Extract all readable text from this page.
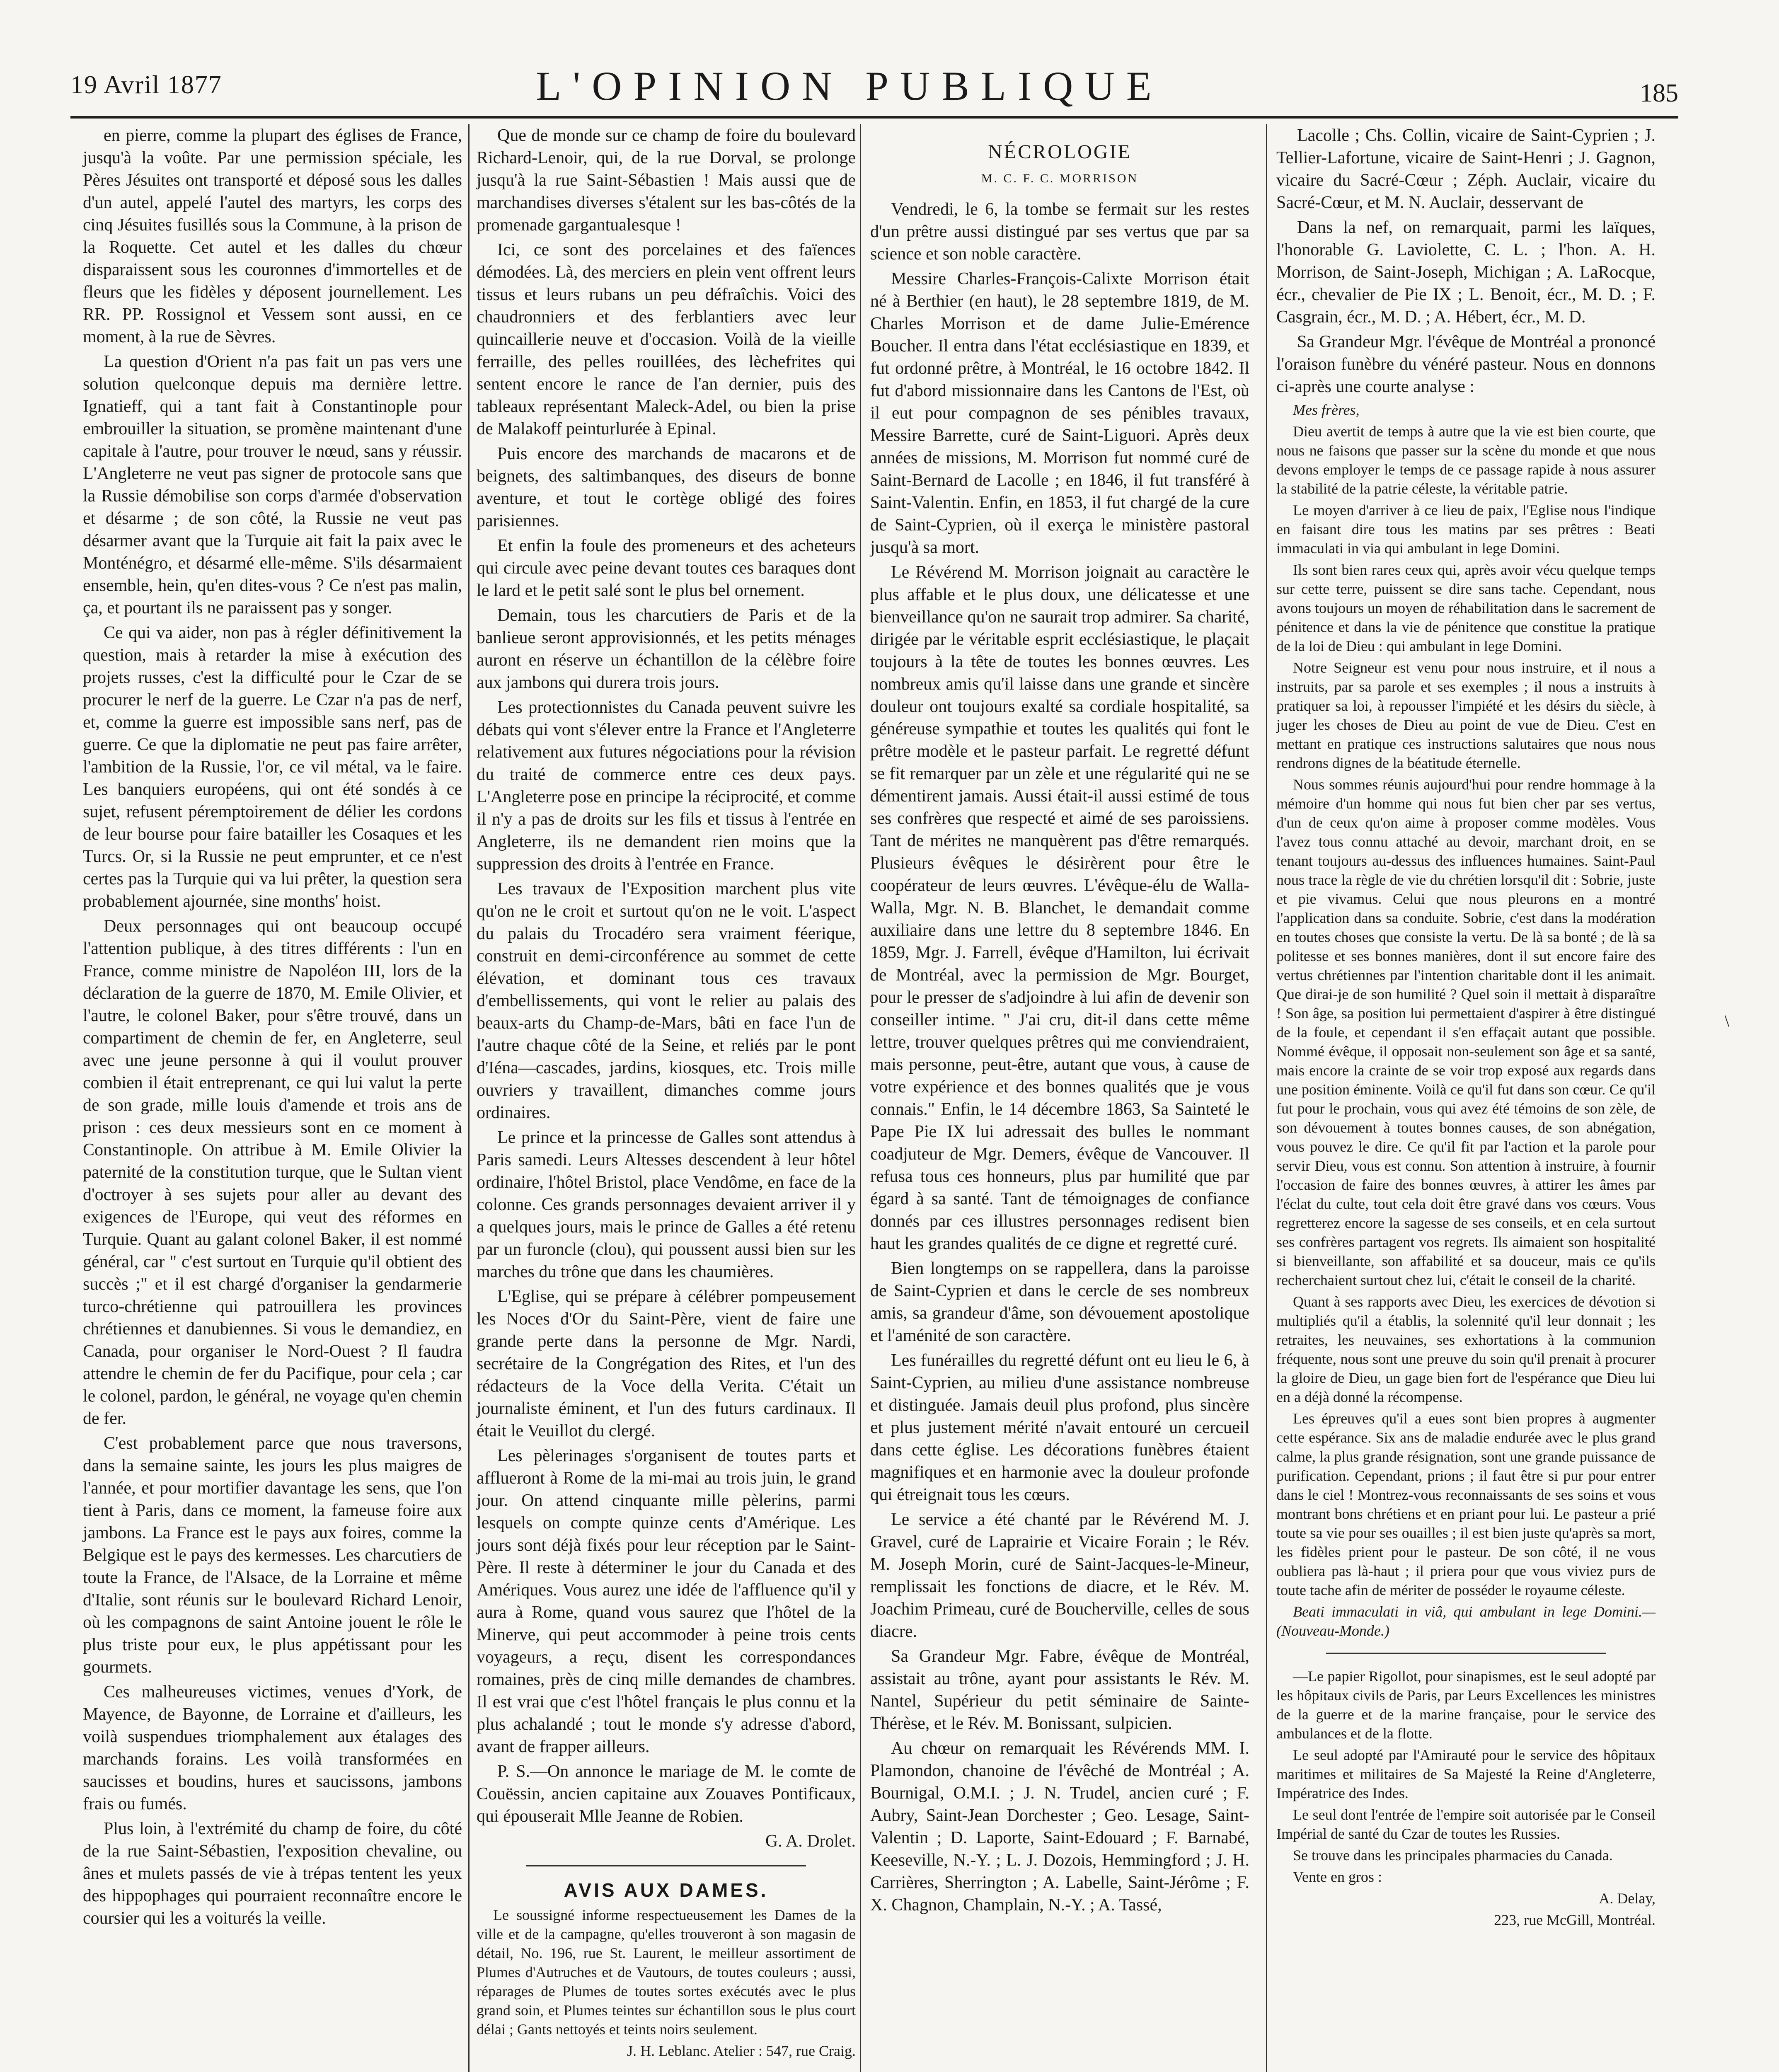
19 Avril 1877	L'OPINION PUBLIQUE	185

en pierre, comme la plupart des églises de France, jusqu'à la voûte. Par une permission spéciale, les Pères Jésuites ont transporté et déposé sous les dalles d'un autel, appelé l'autel des martyrs, les corps des cinq Jésuites fusillés sous la Commune, à la prison de la Roquette. Cet autel et les dalles du chœur disparaissent sous les couronnes d'immortelles et de fleurs que les fidèles y déposent journellement. Les RR. PP. Rossignol et Vessem sont aussi, en ce moment, à la rue de Sèvres.

La question d'Orient n'a pas fait un pas vers une solution quelconque depuis ma dernière lettre. Ignatieff, qui a tant fait à Constantinople pour embrouiller la situation, se promène maintenant d'une capitale à l'autre, pour trouver le nœud, sans y réussir. L'Angleterre ne veut pas signer de protocole sans que la Russie démobilise son corps d'armée d'observation et désarme ; de son côté, la Russie ne veut pas désarmer avant que la Turquie ait fait la paix avec le Monténégro, et désarmé elle-même. S'ils désarmaient ensemble, hein, qu'en dites-vous ? Ce n'est pas malin, ça, et pourtant ils ne paraissent pas y songer.

Ce qui va aider, non pas à régler définitivement la question, mais à retarder la mise à exécution des projets russes, c'est la difficulté pour le Czar de se procurer le nerf de la guerre. Le Czar n'a pas de nerf, et, comme la guerre est impossible sans nerf, pas de guerre. Ce que la diplomatie ne peut pas faire arrêter, l'ambition de la Russie, l'or, ce vil métal, va le faire. Les banquiers européens, qui ont été sondés à ce sujet, refusent péremptoirement de délier les cordons de leur bourse pour faire batailler les Cosaques et les Turcs. Or, si la Russie ne peut emprunter, et ce n'est certes pas la Turquie qui va lui prêter, la question sera probablement ajournée, sine months' hoist.

Deux personnages qui ont beaucoup occupé l'attention publique, à des titres différents : l'un en France, comme ministre de Napoléon III, lors de la déclaration de la guerre de 1870, M. Emile Olivier, et l'autre, le colonel Baker, pour s'être trouvé, dans un compartiment de chemin de fer, en Angleterre, seul avec une jeune personne à qui il voulut prouver combien il était entreprenant, ce qui lui valut la perte de son grade, mille louis d'amende et trois ans de prison : ces deux messieurs sont en ce moment à Constantinople. On attribue à M. Emile Olivier la paternité de la constitution turque, que le Sultan vient d'octroyer à ses sujets pour aller au devant des exigences de l'Europe, qui veut des réformes en Turquie. Quant au galant colonel Baker, il est nommé général, car " c'est surtout en Turquie qu'il obtient des succès ;" et il est chargé d'organiser la gendarmerie turco-chrétienne qui patrouillera les provinces chrétiennes et danubiennes. Si vous le demandiez, en Canada, pour organiser le Nord-Ouest ? Il faudra attendre le chemin de fer du Pacifique, pour cela ; car le colonel, pardon, le général, ne voyage qu'en chemin de fer.

C'est probablement parce que nous traversons, dans la semaine sainte, les jours les plus maigres de l'année, et pour mortifier davantage les sens, que l'on tient à Paris, dans ce moment, la fameuse foire aux jambons. La France est le pays aux foires, comme la Belgique est le pays des kermesses. Les charcutiers de toute la France, de l'Alsace, de la Lorraine et même d'Italie, sont réunis sur le boulevard Richard Lenoir, où les compagnons de saint Antoine jouent le rôle le plus triste pour eux, le plus appétissant pour les gourmets.

Ces malheureuses victimes, venues d'York, de Mayence, de Bayonne, de Lorraine et d'ailleurs, les voilà suspendues triomphalement aux étalages des marchands forains. Les voilà transformées en saucisses et boudins, hures et saucissons, jambons frais ou fumés.

Plus loin, à l'extrémité du champ de foire, du côté de la rue Saint-Sébastien, l'exposition chevaline, ou ânes et mulets passés de vie à trépas tentent les yeux des hippophages qui pourraient reconnaître encore le coursier qui les a voiturés la veille.

Que de monde sur ce champ de foire du boulevard Richard-Lenoir, qui, de la rue Dorval, se prolonge jusqu'à la rue Saint-Sébastien ! Mais aussi que de marchandises diverses s'étalent sur les bas-côtés de la promenade gargantualesque !

Ici, ce sont des porcelaines et des faïences démodées. Là, des merciers en plein vent offrent leurs tissus et leurs rubans un peu défraîchis. Voici des chaudronniers et des ferblantiers avec leur quincaillerie neuve et d'occasion. Voilà de la vieille ferraille, des pelles rouillées, des lèchefrites qui sentent encore le rance de l'an dernier, puis des tableaux représentant Maleck-Adel, ou bien la prise de Malakoff peinturlurée à Epinal.

Puis encore des marchands de macarons et de beignets, des saltimbanques, des diseurs de bonne aventure, et tout le cortège obligé des foires parisiennes.

Et enfin la foule des promeneurs et des acheteurs qui circule avec peine devant toutes ces baraques dont le lard et le petit salé sont le plus bel ornement.

Demain, tous les charcutiers de Paris et de la banlieue seront approvisionnés, et les petits ménages auront en réserve un échantillon de la célèbre foire aux jambons qui durera trois jours.

Les protectionnistes du Canada peuvent suivre les débats qui vont s'élever entre la France et l'Angleterre relativement aux futures négociations pour la révision du traité de commerce entre ces deux pays. L'Angleterre pose en principe la réciprocité, et comme il n'y a pas de droits sur les fils et tissus à l'entrée en Angleterre, ils ne demandent rien moins que la suppression des droits à l'entrée en France.

Les travaux de l'Exposition marchent plus vite qu'on ne le croit et surtout qu'on ne le voit. L'aspect du palais du Trocadéro sera vraiment féerique, construit en demi-circonférence au sommet de cette élévation, et dominant tous ces travaux d'embellissements, qui vont le relier au palais des beaux-arts du Champ-de-Mars, bâti en face l'un de l'autre chaque côté de la Seine, et reliés par le pont d'Iéna—cascades, jardins, kiosques, etc. Trois mille ouvriers y travaillent, dimanches comme jours ordinaires.

Le prince et la princesse de Galles sont attendus à Paris samedi. Leurs Altesses descendent à leur hôtel ordinaire, l'hôtel Bristol, place Vendôme, en face de la colonne. Ces grands personnages devaient arriver il y a quelques jours, mais le prince de Galles a été retenu par un furoncle (clou), qui poussent aussi bien sur les marches du trône que dans les chaumières.

L'Eglise, qui se prépare à célébrer pompeusement les Noces d'Or du Saint-Père, vient de faire une grande perte dans la personne de Mgr. Nardi, secrétaire de la Congrégation des Rites, et l'un des rédacteurs de la Voce della Verita. C'était un journaliste éminent, et l'un des futurs cardinaux. Il était le Veuillot du clergé.

Les pèlerinages s'organisent de toutes parts et afflueront à Rome de la mi-mai au trois juin, le grand jour. On attend cinquante mille pèlerins, parmi lesquels on compte quinze cents d'Amérique. Les jours sont déjà fixés pour leur réception par le Saint-Père. Il reste à déterminer le jour du Canada et des Amériques. Vous aurez une idée de l'affluence qu'il y aura à Rome, quand vous saurez que l'hôtel de la Minerve, qui peut accommoder à peine trois cents voyageurs, a reçu, disent les correspondances romaines, près de cinq mille demandes de chambres. Il est vrai que c'est l'hôtel français le plus connu et la plus achalandé ; tout le monde s'y adresse d'abord, avant de frapper ailleurs.

P. S.—On annonce le mariage de M. le comte de Couëssin, ancien capitaine aux Zouaves Pontificaux, qui épouserait Mlle Jeanne de Robien.

G. A. Drolet.
AVIS AUX DAMES.

Le soussigné informe respectueusement les Dames de la ville et de la campagne, qu'elles trouveront à son magasin de détail, No. 196, rue St. Laurent, le meilleur assortiment de Plumes d'Autruches et de Vautours, de toutes couleurs ; aussi, réparages de Plumes de toutes sortes exécutés avec le plus grand soin, et Plumes teintes sur échantillon sous le plus court délai ; Gants nettoyés et teints noirs seulement.

J. H. Leblanc. Atelier : 547, rue Craig.
NÉCROLOGIE
M. C. F. C. MORRISON

Vendredi, le 6, la tombe se fermait sur les restes d'un prêtre aussi distingué par ses vertus que par sa science et son noble caractère.

Messire Charles-François-Calixte Morrison était né à Berthier (en haut), le 28 septembre 1819, de M. Charles Morrison et de dame Julie-Emérence Boucher. Il entra dans l'état ecclésiastique en 1839, et fut ordonné prêtre, à Montréal, le 16 octobre 1842. Il fut d'abord missionnaire dans les Cantons de l'Est, où il eut pour compagnon de ses pénibles travaux, Messire Barrette, curé de Saint-Liguori. Après deux années de missions, M. Morrison fut nommé curé de Saint-Bernard de Lacolle ; en 1846, il fut transféré à Saint-Valentin. Enfin, en 1853, il fut chargé de la cure de Saint-Cyprien, où il exerça le ministère pastoral jusqu'à sa mort.

Le Révérend M. Morrison joignait au caractère le plus affable et le plus doux, une délicatesse et une bienveillance qu'on ne saurait trop admirer. Sa charité, dirigée par le véritable esprit ecclésiastique, le plaçait toujours à la tête de toutes les bonnes œuvres. Les nombreux amis qu'il laisse dans une grande et sincère douleur ont toujours exalté sa cordiale hospitalité, sa généreuse sympathie et toutes les qualités qui font le prêtre modèle et le pasteur parfait. Le regretté défunt se fit remarquer par un zèle et une régularité qui ne se démentirent jamais. Aussi était-il aussi estimé de tous ses confrères que respecté et aimé de ses paroissiens. Tant de mérites ne manquèrent pas d'être remarqués. Plusieurs évêques le désirèrent pour être le coopérateur de leurs œuvres. L'évêque-élu de Walla-Walla, Mgr. N. B. Blanchet, le demandait comme auxiliaire dans une lettre du 8 septembre 1846. En 1859, Mgr. J. Farrell, évêque d'Hamilton, lui écrivait de Montréal, avec la permission de Mgr. Bourget, pour le presser de s'adjoindre à lui afin de devenir son conseiller intime. " J'ai cru, dit-il dans cette même lettre, trouver quelques prêtres qui me conviendraient, mais personne, peut-être, autant que vous, à cause de votre expérience et des bonnes qualités que je vous connais." Enfin, le 14 décembre 1863, Sa Sainteté le Pape Pie IX lui adressait des bulles le nommant coadjuteur de Mgr. Demers, évêque de Vancouver. Il refusa tous ces honneurs, plus par humilité que par égard à sa santé. Tant de témoignages de confiance donnés par ces illustres personnages redisent bien haut les grandes qualités de ce digne et regretté curé.

Bien longtemps on se rappellera, dans la paroisse de Saint-Cyprien et dans le cercle de ses nombreux amis, sa grandeur d'âme, son dévouement apostolique et l'aménité de son caractère.

Les funérailles du regretté défunt ont eu lieu le 6, à Saint-Cyprien, au milieu d'une assistance nombreuse et distinguée. Jamais deuil plus profond, plus sincère et plus justement mérité n'avait entouré un cercueil dans cette église. Les décorations funèbres étaient magnifiques et en harmonie avec la douleur profonde qui étreignait tous les cœurs.

Le service a été chanté par le Révérend M. J. Gravel, curé de Laprairie et Vicaire Forain ; le Rév. M. Joseph Morin, curé de Saint-Jacques-le-Mineur, remplissait les fonctions de diacre, et le Rév. M. Joachim Primeau, curé de Boucherville, celles de sous diacre.

Sa Grandeur Mgr. Fabre, évêque de Montréal, assistait au trône, ayant pour assistants le Rév. M. Nantel, Supérieur du petit séminaire de Sainte-Thérèse, et le Rév. M. Bonissant, sulpicien.

Au chœur on remarquait les Révérends MM. I. Plamondon, chanoine de l'évêché de Montréal ; A. Bournigal, O.M.I. ; J. N. Trudel, ancien curé ; F. Aubry, Saint-Jean Dorchester ; Geo. Lesage, Saint-Valentin ; D. Laporte, Saint-Edouard ; F. Barnabé, Keeseville, N.-Y. ; L. J. Dozois, Hemmingford ; J. H. Carrières, Sherrington ; A. Labelle, Saint-Jérôme ; F. X. Chagnon, Champlain, N.-Y. ; A. Tassé,

Lacolle ; Chs. Collin, vicaire de Saint-Cyprien ; J. Tellier-Lafortune, vicaire de Saint-Henri ; J. Gagnon, vicaire du Sacré-Cœur ; Zéph. Auclair, vicaire du Sacré-Cœur, et M. N. Auclair, desservant de

Dans la nef, on remarquait, parmi les laïques, l'honorable G. Laviolette, C. L. ; l'hon. A. H. Morrison, de Saint-Joseph, Michigan ; A. LaRocque, écr., chevalier de Pie IX ; L. Benoit, écr., M. D. ; F. Casgrain, écr., M. D. ; A. Hébert, écr., M. D.

Sa Grandeur Mgr. l'évêque de Montréal a prononcé l'oraison funèbre du vénéré pasteur. Nous en donnons ci-après une courte analyse :

Mes frères,

Dieu avertit de temps à autre que la vie est bien courte, que nous ne faisons que passer sur la scène du monde et que nous devons employer le temps de ce passage rapide à nous assurer la stabilité de la patrie céleste, la véritable patrie.

Le moyen d'arriver à ce lieu de paix, l'Eglise nous l'indique en faisant dire tous les matins par ses prêtres : Beati immaculati in via qui ambulant in lege Domini.

Ils sont bien rares ceux qui, après avoir vécu quelque temps sur cette terre, puissent se dire sans tache. Cependant, nous avons toujours un moyen de réhabilitation dans le sacrement de pénitence et dans la vie de pénitence que constitue la pratique de la loi de Dieu : qui ambulant in lege Domini.

Notre Seigneur est venu pour nous instruire, et il nous a instruits, par sa parole et ses exemples ; il nous a instruits à pratiquer sa loi, à repousser l'impiété et les désirs du siècle, à juger les choses de Dieu au point de vue de Dieu. C'est en mettant en pratique ces instructions salutaires que nous nous rendrons dignes de la béatitude éternelle.

Nous sommes réunis aujourd'hui pour rendre hommage à la mémoire d'un homme qui nous fut bien cher par ses vertus, d'un de ceux qu'on aime à proposer comme modèles. Vous l'avez tous connu attaché au devoir, marchant droit, en se tenant toujours au-dessus des influences humaines. Saint-Paul nous trace la règle de vie du chrétien lorsqu'il dit : Sobrie, juste et pie vivamus. Celui que nous pleurons en a montré l'application dans sa conduite. Sobrie, c'est dans la modération en toutes choses que consiste la vertu. De là sa bonté ; de là sa politesse et ses bonnes manières, dont il sut encore faire des vertus chrétiennes par l'intention charitable dont il les animait. Que dirai-je de son humilité ? Quel soin il mettait à disparaître ! Son âge, sa position lui permettaient d'aspirer à être distingué de la foule, et cependant il s'en effaçait autant que possible. Nommé évêque, il opposait non-seulement son âge et sa santé, mais encore la crainte de se voir trop exposé aux regards dans une position éminente. Voilà ce qu'il fut dans son cœur. Ce qu'il fut pour le prochain, vous qui avez été témoins de son zèle, de son dévouement à toutes bonnes causes, de son abnégation, vous pouvez le dire. Ce qu'il fit par l'action et la parole pour servir Dieu, vous est connu. Son attention à instruire, à fournir l'occasion de faire des bonnes œuvres, à attirer les âmes par l'éclat du culte, tout cela doit être gravé dans vos cœurs. Vous regretterez encore la sagesse de ses conseils, et en cela surtout ses confrères partagent vos regrets. Ils aimaient son hospitalité si bienveillante, son affabilité et sa douceur, mais ce qu'ils recherchaient surtout chez lui, c'était le conseil de la charité.

Quant à ses rapports avec Dieu, les exercices de dévotion si multipliés qu'il a établis, la solennité qu'il leur donnait ; les retraites, les neuvaines, ses exhortations à la communion fréquente, nous sont une preuve du soin qu'il prenait à procurer la gloire de Dieu, un gage bien fort de l'espérance que Dieu lui en a déjà donné la récompense.

Les épreuves qu'il a eues sont bien propres à augmenter cette espérance. Six ans de maladie endurée avec le plus grand calme, la plus grande résignation, sont une grande puissance de purification. Cependant, prions ; il faut être si pur pour entrer dans le ciel ! Montrez-vous reconnaissants de ses soins et vous montrant bons chrétiens et en priant pour lui. Le pasteur a prié toute sa vie pour ses ouailles ; il est bien juste qu'après sa mort, les fidèles prient pour le pasteur. De son côté, il ne vous oubliera pas là-haut ; il priera pour que vous viviez purs de toute tache afin de mériter de posséder le royaume céleste.

Beati immaculati in viâ, qui ambulant in lege Domini.—(Nouveau-Monde.)

—Le papier Rigollot, pour sinapismes, est le seul adopté par les hôpitaux civils de Paris, par Leurs Excellences les ministres de la guerre et de la marine française, pour le service des ambulances et de la flotte.

Le seul adopté par l'Amirauté pour le service des hôpitaux maritimes et militaires de Sa Majesté la Reine d'Angleterre, Impératrice des Indes.

Le seul dont l'entrée de l'empire soit autorisée par le Conseil Impérial de santé du Czar de toutes les Russies.

Se trouve dans les principales pharmacies du Canada.

Vente en gros :

A. Delay,
223, rue McGill, Montréal.
\
